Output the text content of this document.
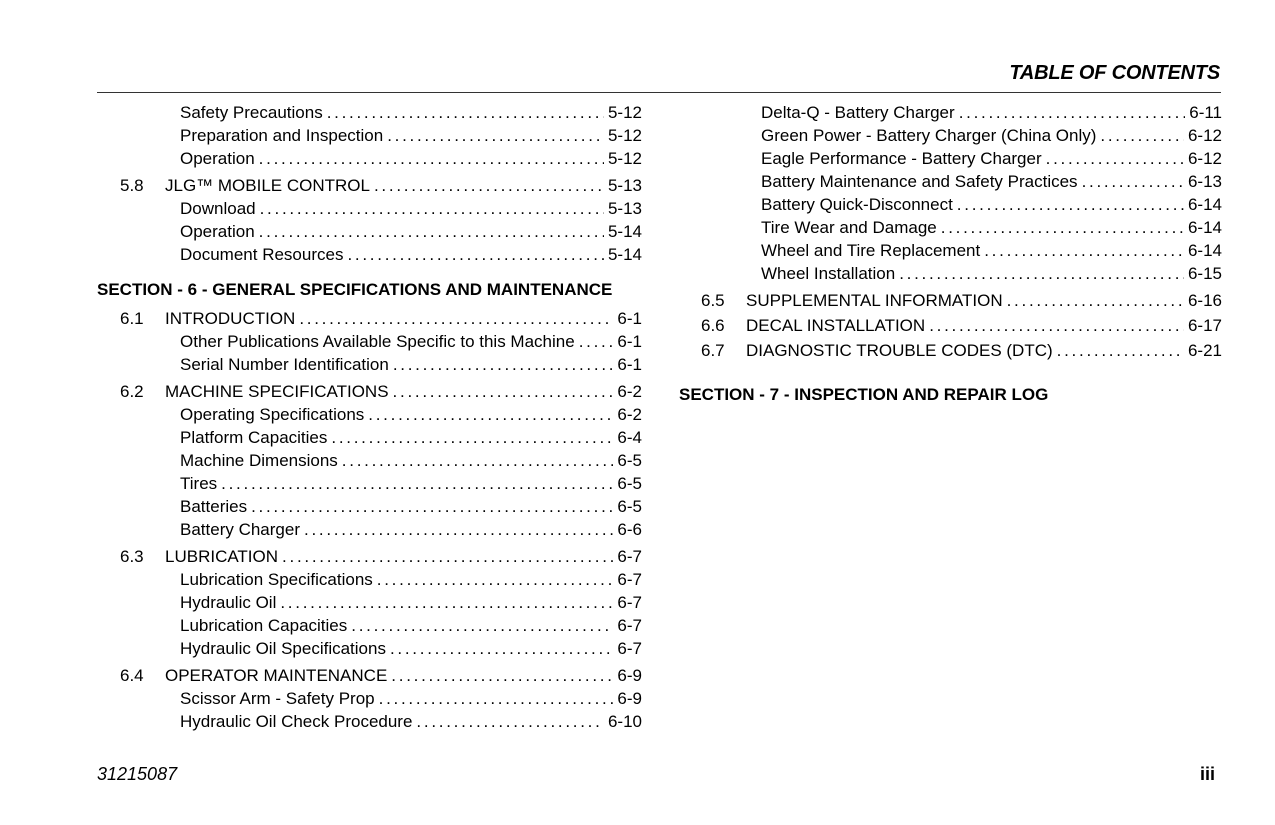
TABLE OF CONTENTS
Safety Precautions . . .	5-12
Preparation and Inspection . . .	5-12
Operation . . .	5-12
5.8	JLG™ MOBILE CONTROL . . .	5-13
Download . . .	5-13
Operation . . .	5-14
Document Resources . . .	5-14
SECTION - 6 - GENERAL SPECIFICATIONS AND MAINTENANCE
6.1	INTRODUCTION . . .	6-1
Other Publications Available Specific to this Machine . . .	6-1
Serial Number Identification . . .	6-1
6.2	MACHINE SPECIFICATIONS . . .	6-2
Operating Specifications . . .	6-2
Platform Capacities . . .	6-4
Machine Dimensions . . .	6-5
Tires . . .	6-5
Batteries . . .	6-5
Battery Charger . . .	6-6
6.3	LUBRICATION . . .	6-7
Lubrication Specifications . . .	6-7
Hydraulic Oil . . .	6-7
Lubrication Capacities . . .	6-7
Hydraulic Oil Specifications . . .	6-7
6.4	OPERATOR MAINTENANCE . . .	6-9
Scissor Arm - Safety Prop . . .	6-9
Hydraulic Oil Check Procedure . . .	6-10
Delta-Q - Battery Charger . . .	6-11
Green Power - Battery Charger (China Only) . . .	6-12
Eagle Performance - Battery Charger . . .	6-12
Battery Maintenance and Safety Practices . . .	6-13
Battery Quick-Disconnect . . .	6-14
Tire Wear and Damage . . .	6-14
Wheel and Tire Replacement . . .	6-14
Wheel Installation . . .	6-15
6.5	SUPPLEMENTAL INFORMATION . . .	6-16
6.6	DECAL INSTALLATION . . .	6-17
6.7	DIAGNOSTIC TROUBLE CODES (DTC) . . .	6-21
SECTION - 7 - INSPECTION AND REPAIR LOG
31215087	iii
